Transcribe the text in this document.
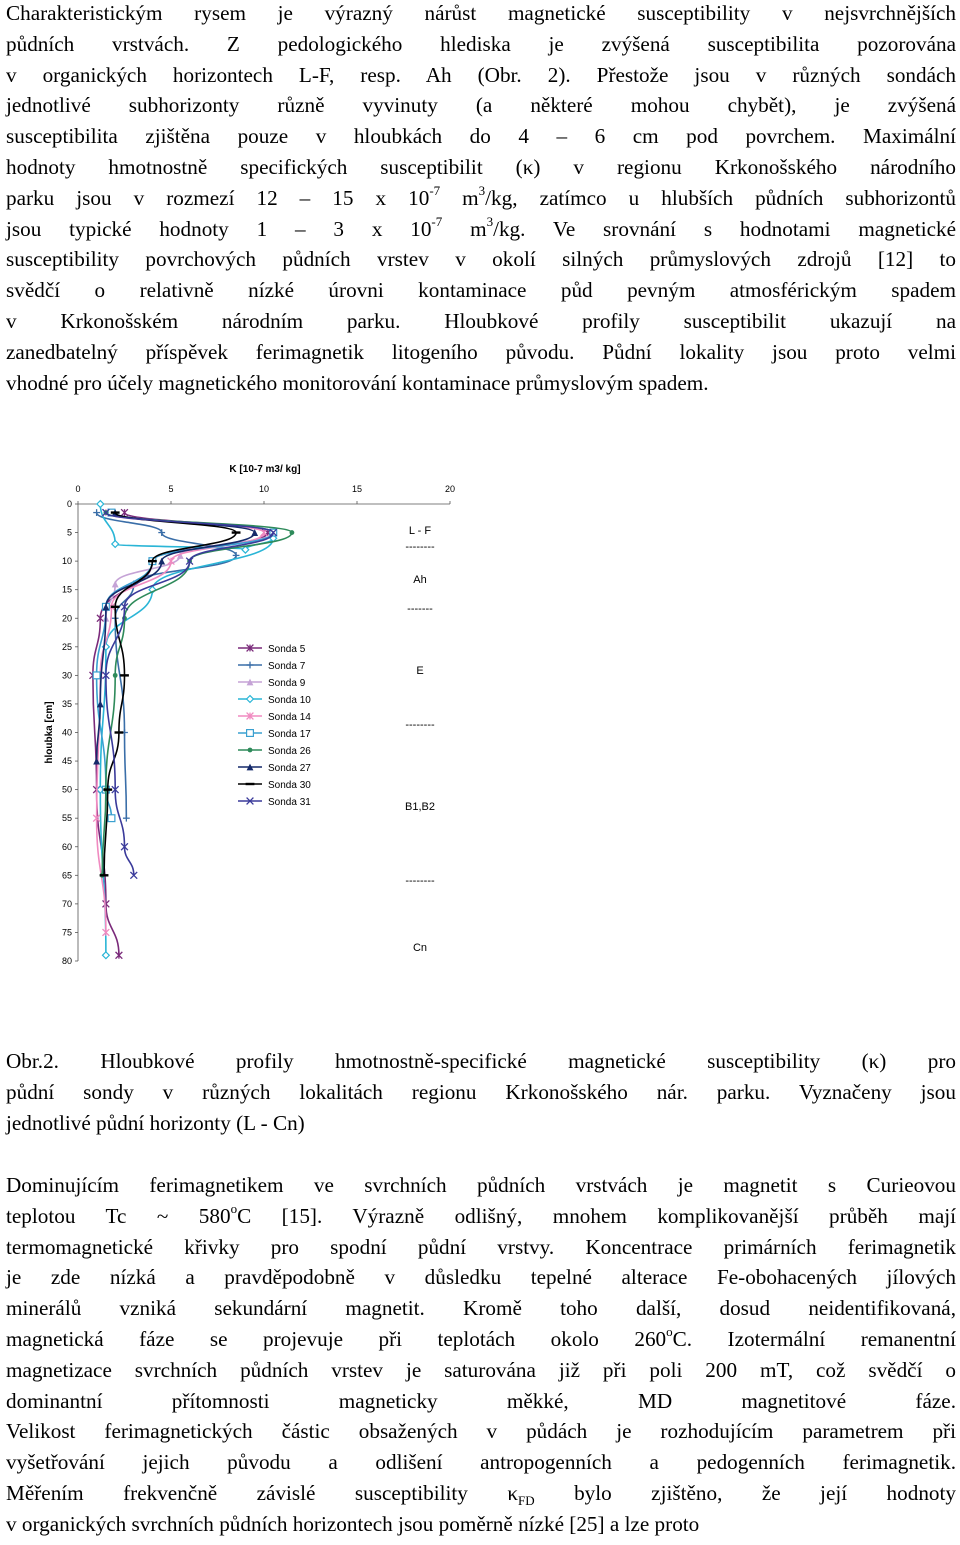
Charakteristickým rysem je výrazný nárůst magnetické susceptibility v nejsvrchnějších
půdních vrstvách. Z pedologického hlediska je zvýšená susceptibilita pozorována
v organických horizontech L-F, resp. Ah (Obr. 2). Přestože jsou v různých sondách
jednotlivé subhorizonty různě vyvinuty (a některé mohou chybět), je zvýšená
susceptibilita zjištěna pouze v hloubkách do 4 – 6 cm pod povrchem. Maximální
hodnoty hmotnostně specifických susceptibilit (κ) v regionu Krkonošského národního
parku jsou v rozmezí 12 – 15 x $10^{-7}$ $m^3/kg$, zatímco u hlubších půdních subhorizontů
jsou typické hodnoty 1 – 3 x $10^{-7}$ $m^3/kg$. Ve srovnání s hodnotami magnetické
susceptibility povrchových půdních vrstev v okolí silných průmyslových zdrojů [12] to
svědčí o relativně nízké úrovni kontaminace půd pevným atmosférickým spadem
v Krkonošském národním parku. Hloubkové profily susceptibilit ukazují na
zanedbatelný příspěvek ferimagnetik litogeního původu. Půdní lokality jsou proto velmi
vhodné pro účely magnetického monitorování kontaminace průmyslovým spadem.
K [10-7 m3/ kg]
0	5	10	15	20
0
5
10
15
20
25
30
35
40
45
50
55
60
65
70
75
80
hloubka [cm]
Sonda 5
Sonda 7
Sonda 9
Sonda 10
Sonda 14
Sonda 17
Sonda 26
Sonda 27
Sonda 30
Sonda 31
L - F
--------
Ah
-------
E
--------
B1,B2
--------
Cn
Obr.2. Hloubkové profily hmotnostně-specifické magnetické susceptibility (κ) pro
půdní sondy v různých lokalitách regionu Krkonošského nár. parku. Vyznačeny jsou
jednotlivé půdní horizonty (L - Cn)
Dominujícím ferimagnetikem ve svrchních půdních vrstvách je magnetit s Curieovou
teplotou Tc ~ 580$^o$C [15]. Výrazně odlišný, mnohem komplikovanější průběh mají
termomagnetické křivky pro spodní půdní vrstvy. Koncentrace primárních ferimagnetik
je zde nízká a pravděpodobně v důsledku tepelné alterace Fe-obohacených jílových
minerálů vzniká sekundární magnetit. Kromě toho další, dosud neidentifikovaná,
magnetická fáze se projevuje při teplotách okolo 260$^o$C. Izotermální remanentní
magnetizace svrchních půdních vrstev je saturována již při poli 200 mT, což svědčí o
dominantní přítomnosti magneticky měkké, MD magnetitové fáze.
Velikost ferimagnetických částic obsažených v půdách je rozhodujícím parametrem při
vyšetřování jejich původu a odlišení antropogenních a pedogenních ferimagnetik.
Měřením frekvenčně závislé susceptibility $\kappa_{FD}$ bylo zjištěno, že její hodnoty
v organických svrchních půdních horizontech jsou poměrně nízké [25] a lze proto
